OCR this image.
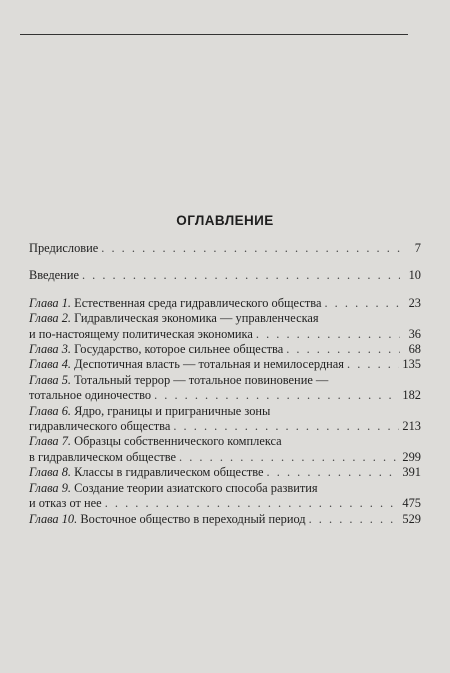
ОГЛАВЛЕНИЕ
Предисловие . . .	7
Введение . . .	10
Глава 1. Естественная среда гидравлического общества . . .	23
Глава 2. Гидравлическая экономика — управленческая
и по-настоящему политическая экономика . . .	36
Глава 3. Государство, которое сильнее общества . . .	68
Глава 4. Деспотичная власть — тотальная и немилосердная . . .	135
Глава 5. Тотальный террор — тотальное повиновение —
тотальное одиночество . . .	182
Глава 6. Ядро, границы и приграничные зоны
гидравлического общества . . .	213
Глава 7. Образцы собственнического комплекса
в гидравлическом обществе . . .	299
Глава 8. Классы в гидравлическом обществе . . .	391
Глава 9. Создание теории азиатского способа развития
и отказ от нее . . .	475
Глава 10. Восточное общество в переходный период . . .	529
